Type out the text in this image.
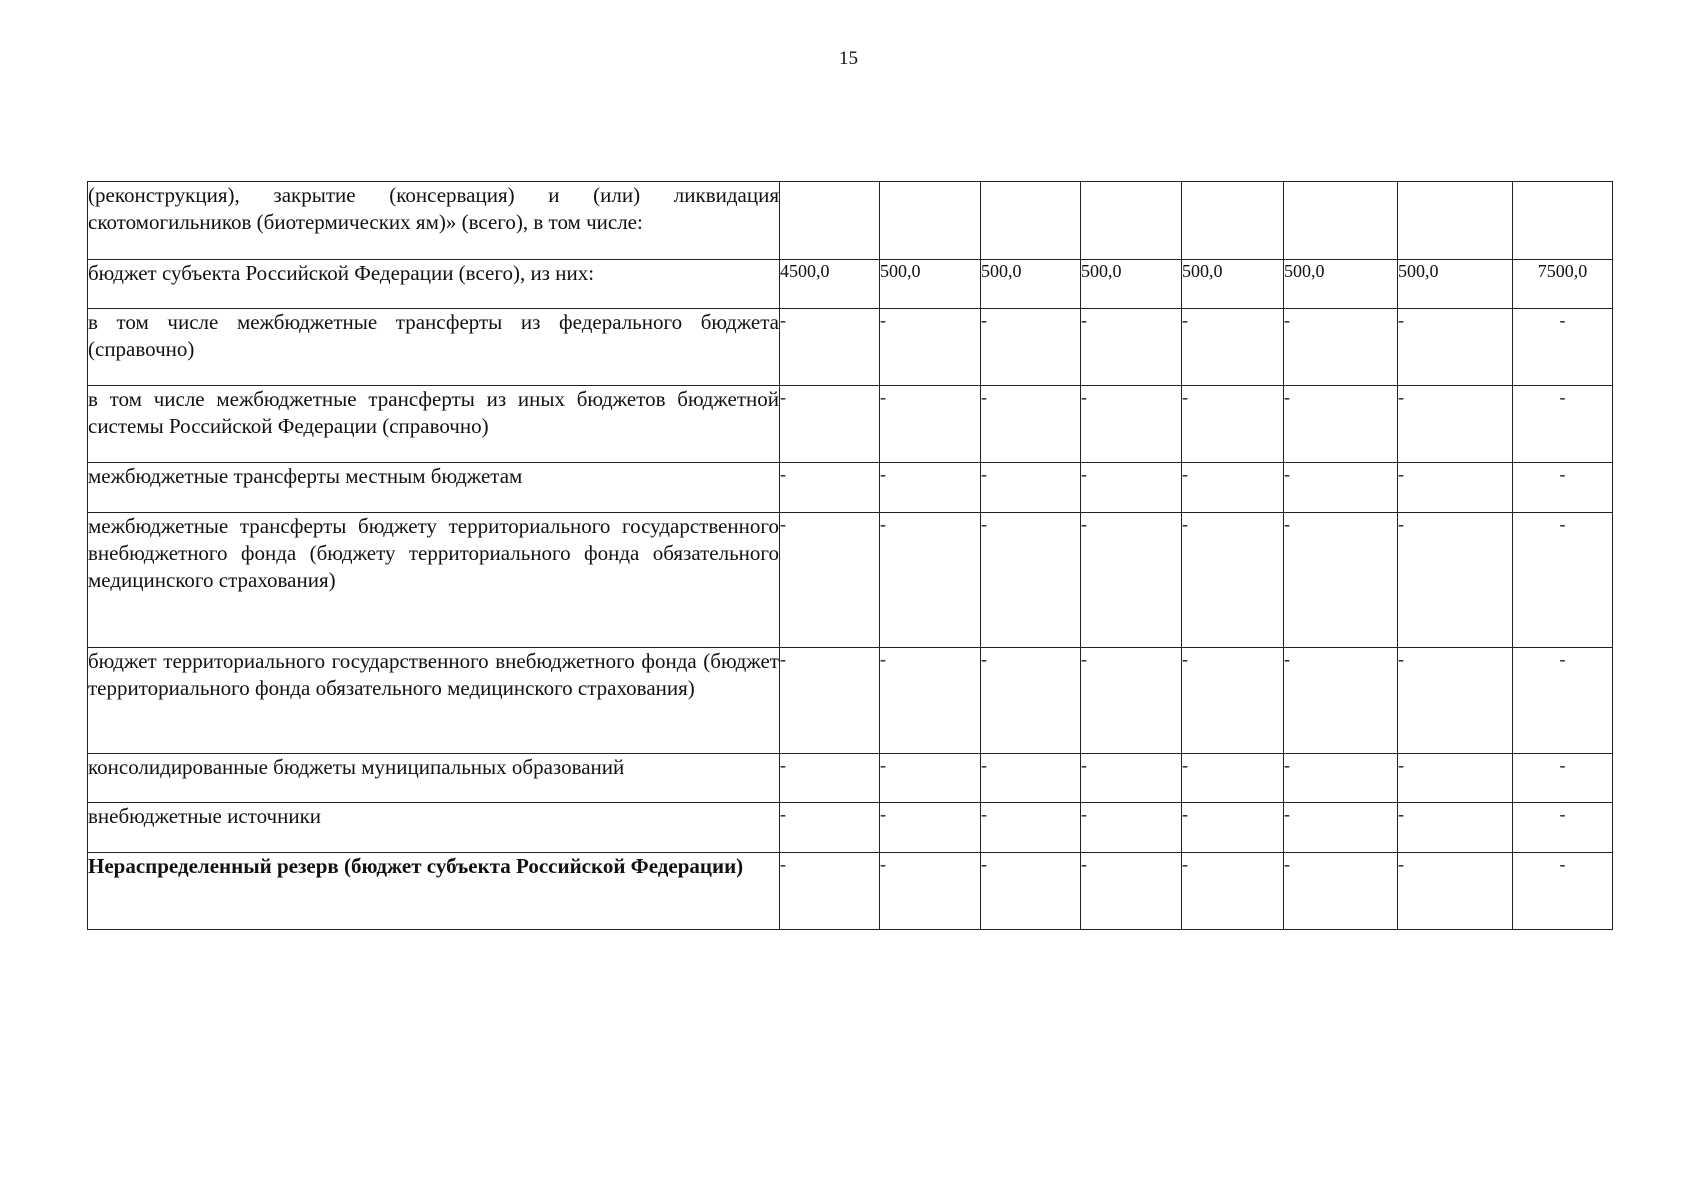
15
(реконструкция), закрытие (консервация) и (или) ликвидация скотомогильников (биотермических ям)» (всего), в том числе:								
бюджет субъекта Российской Федерации (всего), из них:	4500,0	500,0	500,0	500,0	500,0	500,0	500,0	7500,0
в том числе межбюджетные трансферты из федерального бюджета (справочно)	-	-	-	-	-	-	-	-
в том числе межбюджетные трансферты из иных бюджетов бюджетной системы Российской Федерации (справочно)	-	-	-	-	-	-	-	-
межбюджетные трансферты местным бюджетам	-	-	-	-	-	-	-	-
межбюджетные трансферты бюджету территориального государственного внебюджетного фонда (бюджету территориального фонда обязательного медицинского страхования)	-	-	-	-	-	-	-	-
бюджет территориального государственного внебюджетного фонда (бюджет территориального фонда обязательного медицинского страхования)	-	-	-	-	-	-	-	-
консолидированные бюджеты муниципальных образований	-	-	-	-	-	-	-	-
внебюджетные источники	-	-	-	-	-	-	-	-
Нераспределенный резерв (бюджет субъекта Российской Федерации)	-	-	-	-	-	-	-	-
